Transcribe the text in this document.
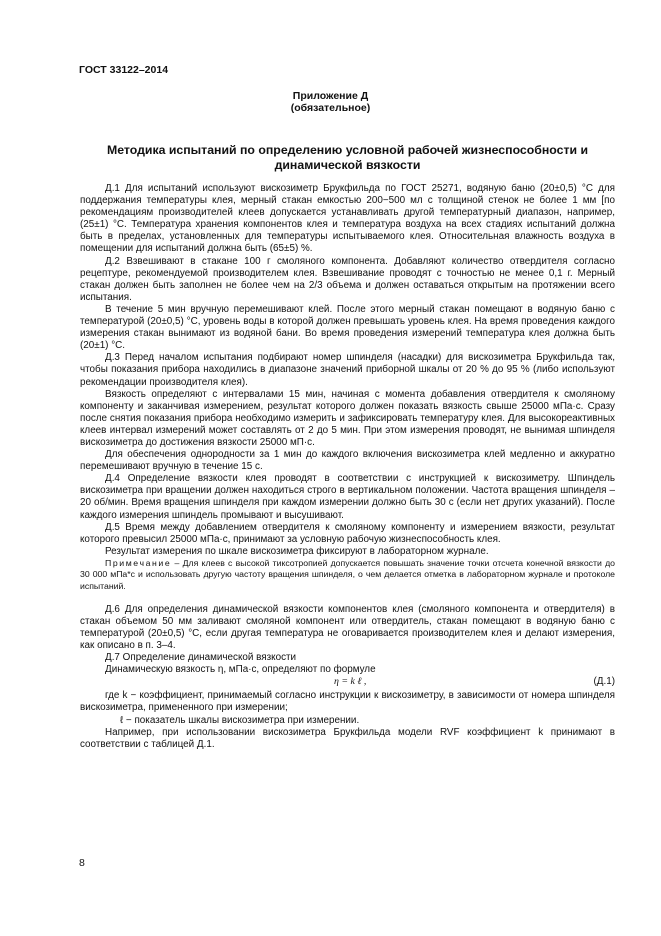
ГОСТ 33122–2014
Приложение Д
(обязательное)
Методика испытаний по определению условной рабочей жизнеспособности и динамической вязкости

Д.1 Для испытаний используют вискозиметр Брукфильда по ГОСТ 25271, водяную баню (20±0,5) °С для поддержания температуры клея, мерный стакан емкостью 200−500 мл с толщиной стенок не более 1 мм [по рекомендациям производителей клеев допускается устанавливать другой температурный диапазон, например, (25±1) °С. Температура хранения компонентов клея и температура воздуха на всех стадиях испытаний должна быть в пределах, установленных для температуры испытываемого клея. Относительная влажность воздуха в помещении для испытаний должна быть (65±5) %.

Д.2 Взвешивают в стакане 100 г смоляного компонента. Добавляют количество отвердителя согласно рецептуре, рекомендуемой производителем клея. Взвешивание проводят с точностью не менее 0,1 г. Мерный стакан должен быть заполнен не более чем на 2/3 объема и должен оставаться открытым на протяжении всего испытания.

В течение 5 мин вручную перемешивают клей. После этого мерный стакан помещают в водяную баню с температурой (20±0,5) °С, уровень воды в которой должен превышать уровень клея. На время проведения каждого измерения стакан вынимают из водяной бани. Во время проведения измерений температура клея должна быть (20±1) °С.

Д.3 Перед началом испытания подбирают номер шпинделя (насадки) для вискозиметра Брукфильда так, чтобы показания прибора находились в диапазоне значений приборной шкалы от 20 % до 95 % (либо используют рекомендации производителя клея).

Вязкость определяют с интервалами 15 мин, начиная с момента добавления отвердителя к смоляному компоненту и заканчивая измерением, результат которого должен показать вязкость свыше 25000 мПа·с. Сразу после снятия показания прибора необходимо измерить и зафиксировать температуру клея. Для высокореактивных клеев интервал измерений может составлять от 2 до 5 мин. При этом измерения проводят, не вынимая шпинделя вискозиметра до достижения вязкости 25000 мП·с.

Для обеспечения однородности за 1 мин до каждого включения вискозиметра клей медленно и аккуратно перемешивают вручную в течение 15 с.

Д.4 Определение вязкости клея проводят в соответствии с инструкцией к вискозиметру. Шпиндель вискозиметра при вращении должен находиться строго в вертикальном положении. Частота вращения шпинделя – 20 об/мин. Время вращения шпинделя при каждом измерении должно быть 30 с (если нет других указаний). После каждого измерения шпиндель промывают и высушивают.

Д.5 Время между добавлением отвердителя к смоляному компоненту и измерением вязкости, результат которого превысил 25000 мПа·с, принимают за условную рабочую жизнеспособность клея.

Результат измерения по шкале вискозиметра фиксируют в лабораторном журнале.

Примечание – Для клеев с высокой тиксотропией допускается повышать значение точки отсчета конечной вязкости до 30 000 мПа*с и использовать другую частоту вращения шпинделя, о чем делается отметка в лабораторном журнале и протоколе испытаний.

Д.6 Для определения динамической вязкости компонентов клея (смоляного компонента и отвердителя) в стакан объемом 50 мм заливают смоляной компонент или отвердитель, стакан помещают в водяную баню с температурой (20±0,5) °С, если другая температура не оговаривается производителем клея и делают измерения, как описано в п. 3–4.

Д.7 Определение динамической вязкости

Динамическую вязкость η, мПа·с, определяют по формуле

η = k ℓ ,	(Д.1)

где k − коэффициент, принимаемый согласно инструкции к вискозиметру, в зависимости от номера шпинделя вискозиметра, примененного при измерении;

ℓ − показатель шкалы вискозиметра при измерении.

Например, при использовании вискозиметра Брукфильда модели RVF коэффициент k принимают в соответствии с таблицей Д.1.

8
